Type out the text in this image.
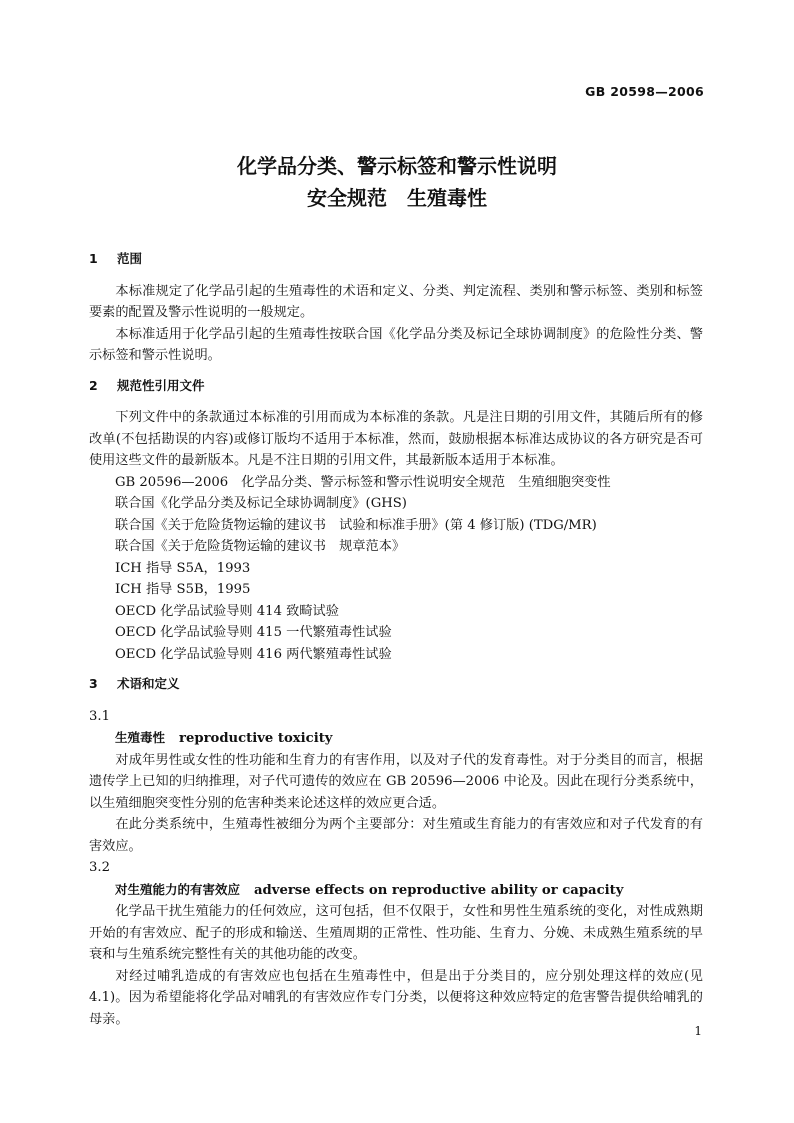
GB 20598—2006
化学品分类、警示标签和警示性说明
安全规范　生殖毒性
1 范围

本标准规定了化学品引起的生殖毒性的术语和定义、分类、判定流程、类别和警示标签、类别和标签要素的配置及警示性说明的一般规定。

本标准适用于化学品引起的生殖毒性按联合国《化学品分类及标记全球协调制度》的危险性分类、警示标签和警示性说明。

2 规范性引用文件

下列文件中的条款通过本标准的引用而成为本标准的条款。凡是注日期的引用文件，其随后所有的修改单(不包括勘误的内容)或修订版均不适用于本标准，然而，鼓励根据本标准达成协议的各方研究是否可使用这些文件的最新版本。凡是不注日期的引用文件，其最新版本适用于本标准。

GB 20596—2006　化学品分类、警示标签和警示性说明安全规范　生殖细胞突变性

联合国《化学品分类及标记全球协调制度》(GHS)

联合国《关于危险货物运输的建议书　试验和标准手册》(第 4 修订版) (TDG/MR)

联合国《关于危险货物运输的建议书　规章范本》

ICH 指导 S5A，1993

ICH 指导 S5B，1995

OECD 化学品试验导则 414 致畸试验

OECD 化学品试验导则 415 一代繁殖毒性试验

OECD 化学品试验导则 416 两代繁殖毒性试验

3 术语和定义

3.1

生殖毒性 reproductive toxicity

对成年男性或女性的性功能和生育力的有害作用，以及对子代的发育毒性。对于分类目的而言，根据遗传学上已知的归纳推理，对子代可遗传的效应在 GB 20596—2006 中论及。因此在现行分类系统中，以生殖细胞突变性分别的危害种类来论述这样的效应更合适。

在此分类系统中，生殖毒性被细分为两个主要部分：对生殖或生育能力的有害效应和对子代发育的有害效应。

3.2

对生殖能力的有害效应 adverse effects on reproductive ability or capacity

化学品干扰生殖能力的任何效应，这可包括，但不仅限于，女性和男性生殖系统的变化，对性成熟期开始的有害效应、配子的形成和输送、生殖周期的正常性、性功能、生育力、分娩、未成熟生殖系统的早衰和与生殖系统完整性有关的其他功能的改变。

对经过哺乳造成的有害效应也包括在生殖毒性中，但是出于分类目的，应分别处理这样的效应(见 4.1)。因为希望能将化学品对哺乳的有害效应作专门分类，以便将这种效应特定的危害警告提供给哺乳的母亲。

1
